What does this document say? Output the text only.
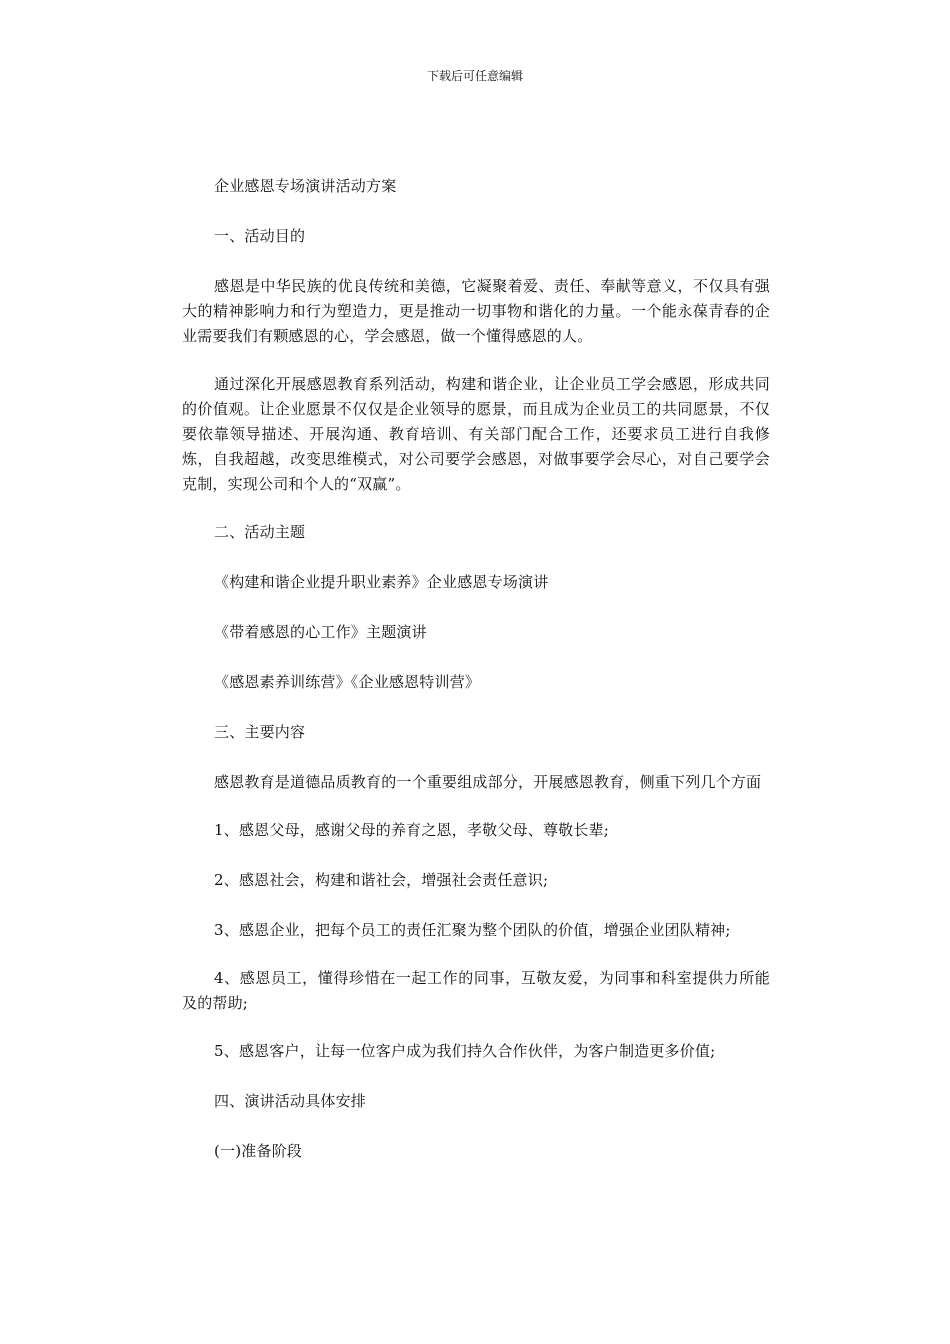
下载后可任意编辑

企业感恩专场演讲活动方案

一、活动目的

感恩是中华民族的优良传统和美德，它凝聚着爱、责任、奉献等意义，不仅具有强大的精神影响力和行为塑造力，更是推动一切事物和谐化的力量。一个能永葆青春的企业需要我们有颗感恩的心，学会感恩，做一个懂得感恩的人。

通过深化开展感恩教育系列活动，构建和谐企业，让企业员工学会感恩，形成共同的价值观。让企业愿景不仅仅是企业领导的愿景，而且成为企业员工的共同愿景，不仅要依靠领导描述、开展沟通、教育培训、有关部门配合工作，还要求员工进行自我修炼，自我超越，改变思维模式，对公司要学会感恩，对做事要学会尽心，对自己要学会克制，实现公司和个人的“双赢”。

二、活动主题

《构建和谐企业提升职业素养》企业感恩专场演讲

《带着感恩的心工作》主题演讲

《感恩素养训练营》《企业感恩特训营》

三、主要内容

感恩教育是道德品质教育的一个重要组成部分，开展感恩教育，侧重下列几个方面

1、感恩父母，感谢父母的养育之恩，孝敬父母、尊敬长辈;

2、感恩社会，构建和谐社会，增强社会责任意识;

3、感恩企业，把每个员工的责任汇聚为整个团队的价值，增强企业团队精神;

4、感恩员工，懂得珍惜在一起工作的同事，互敬友爱，为同事和科室提供力所能及的帮助;

5、感恩客户，让每一位客户成为我们持久合作伙伴，为客户制造更多价值;

四、演讲活动具体安排

(一)准备阶段
